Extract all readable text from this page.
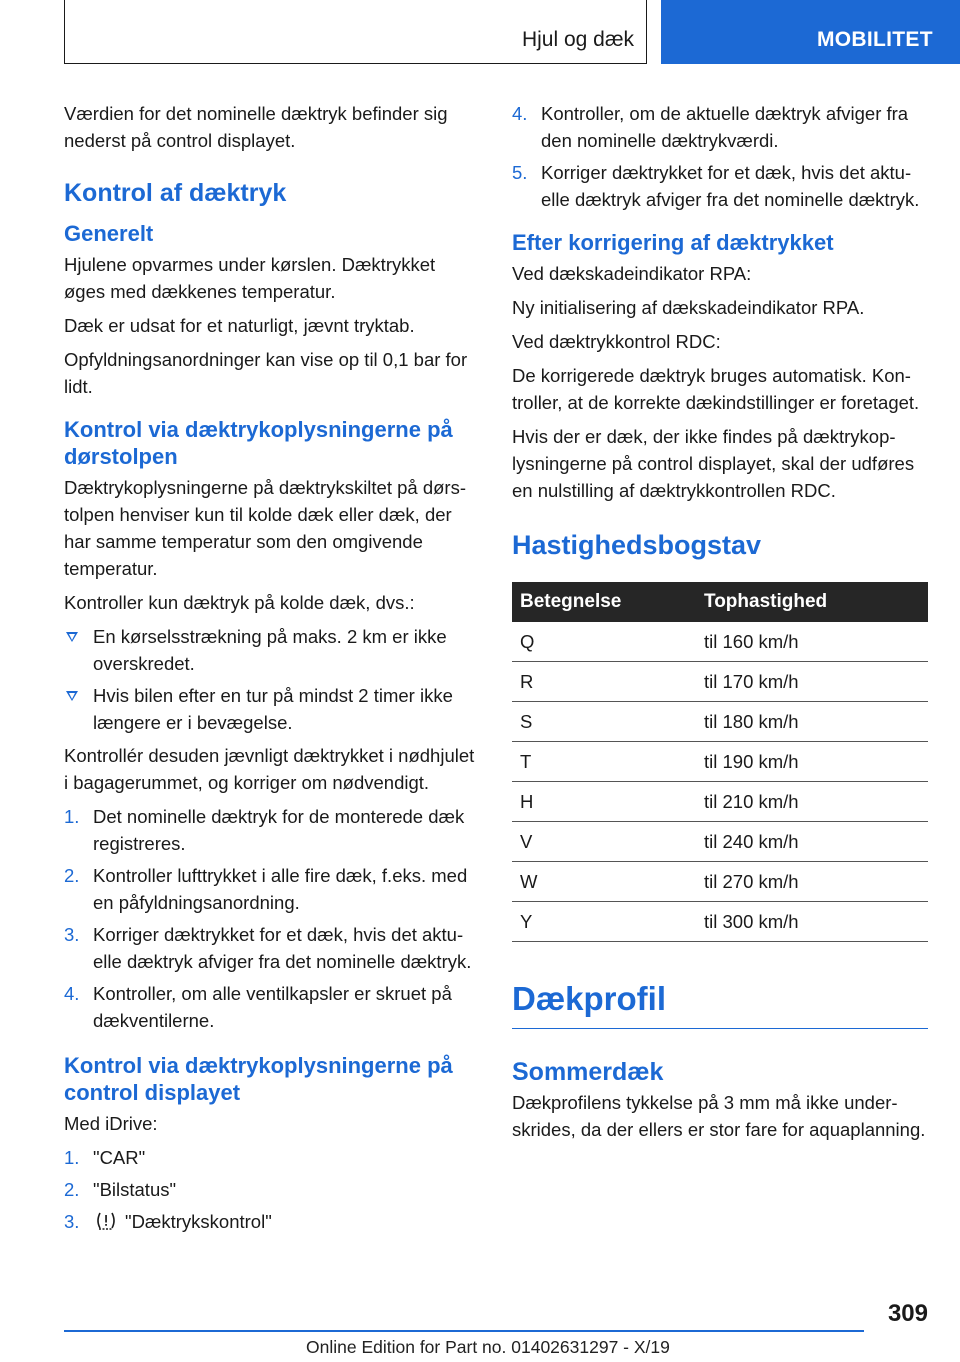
Hjul og dæk	MOBILITET

Værdien for det nominelle dæktryk befinder sig nederst på control displayet.

Kontrol af dæktryk
Generelt

Hjulene opvarmes under kørslen. Dæktrykket øges med dækkenes temperatur.

Dæk er udsat for et naturligt, jævnt tryktab.

Opfyldningsanordninger kan vise op til 0,1 bar for lidt.

Kontrol via dæktrykoplysningerne på dørstolpen

Dæktrykoplysningerne på dæktrykskiltet på dørstolpen henviser kun til kolde dæk eller dæk, der har samme temperatur som den omgivende temperatur.

Kontroller kun dæktryk på kolde dæk, dvs.:

En kørselsstrækning på maks. 2 km er ikke overskredet.
Hvis bilen efter en tur på mindst 2 timer ikke længere er i bevægelse.

Kontrollér desuden jævnligt dæktrykket i nødhjulet i bagagerummet, og korriger om nødvendigt.

1. Det nominelle dæktryk for de monterede dæk registreres.
2. Kontroller lufttrykket i alle fire dæk, f.eks. med en påfyldningsanordning.
3. Korriger dæktrykket for et dæk, hvis det aktuelle dæktryk afviger fra det nominelle dæktryk.
4. Kontroller, om alle ventilkapsler er skruet på dækventilerne.
Kontrol via dæktrykoplysningerne på control displayet

Med iDrive:

1. "CAR"
2. "Bilstatus"
3. "Dæktrykskontrol"
4. Kontroller, om de aktuelle dæktryk afviger fra den nominelle dæktrykværdi.
5. Korriger dæktrykket for et dæk, hvis det aktuelle dæktryk afviger fra det nominelle dæktryk.
Efter korrigering af dæktrykket

Ved dækskadeindikator RPA:

Ny initialisering af dækskadeindikator RPA.

Ved dæktrykkontrol RDC:

De korrigerede dæktryk bruges automatisk. Kontroller, at de korrekte dækindstillinger er foretaget.

Hvis der er dæk, der ikke findes på dæktrykoplysningerne på control displayet, skal der udføres en nulstilling af dæktrykkontrollen RDC.

Hastighedsbogstav
Betegnelse	Tophastighed
Q	til 160 km/h
R	til 170 km/h
S	til 180 km/h
T	til 190 km/h
H	til 210 km/h
V	til 240 km/h
W	til 270 km/h
Y	til 300 km/h
Dækprofil
Sommerdæk

Dækprofilens tykkelse på 3 mm må ikke underskrides, da der ellers er stor fare for aquaplanning.

309
Online Edition for Part no. 01402631297 - X/19
